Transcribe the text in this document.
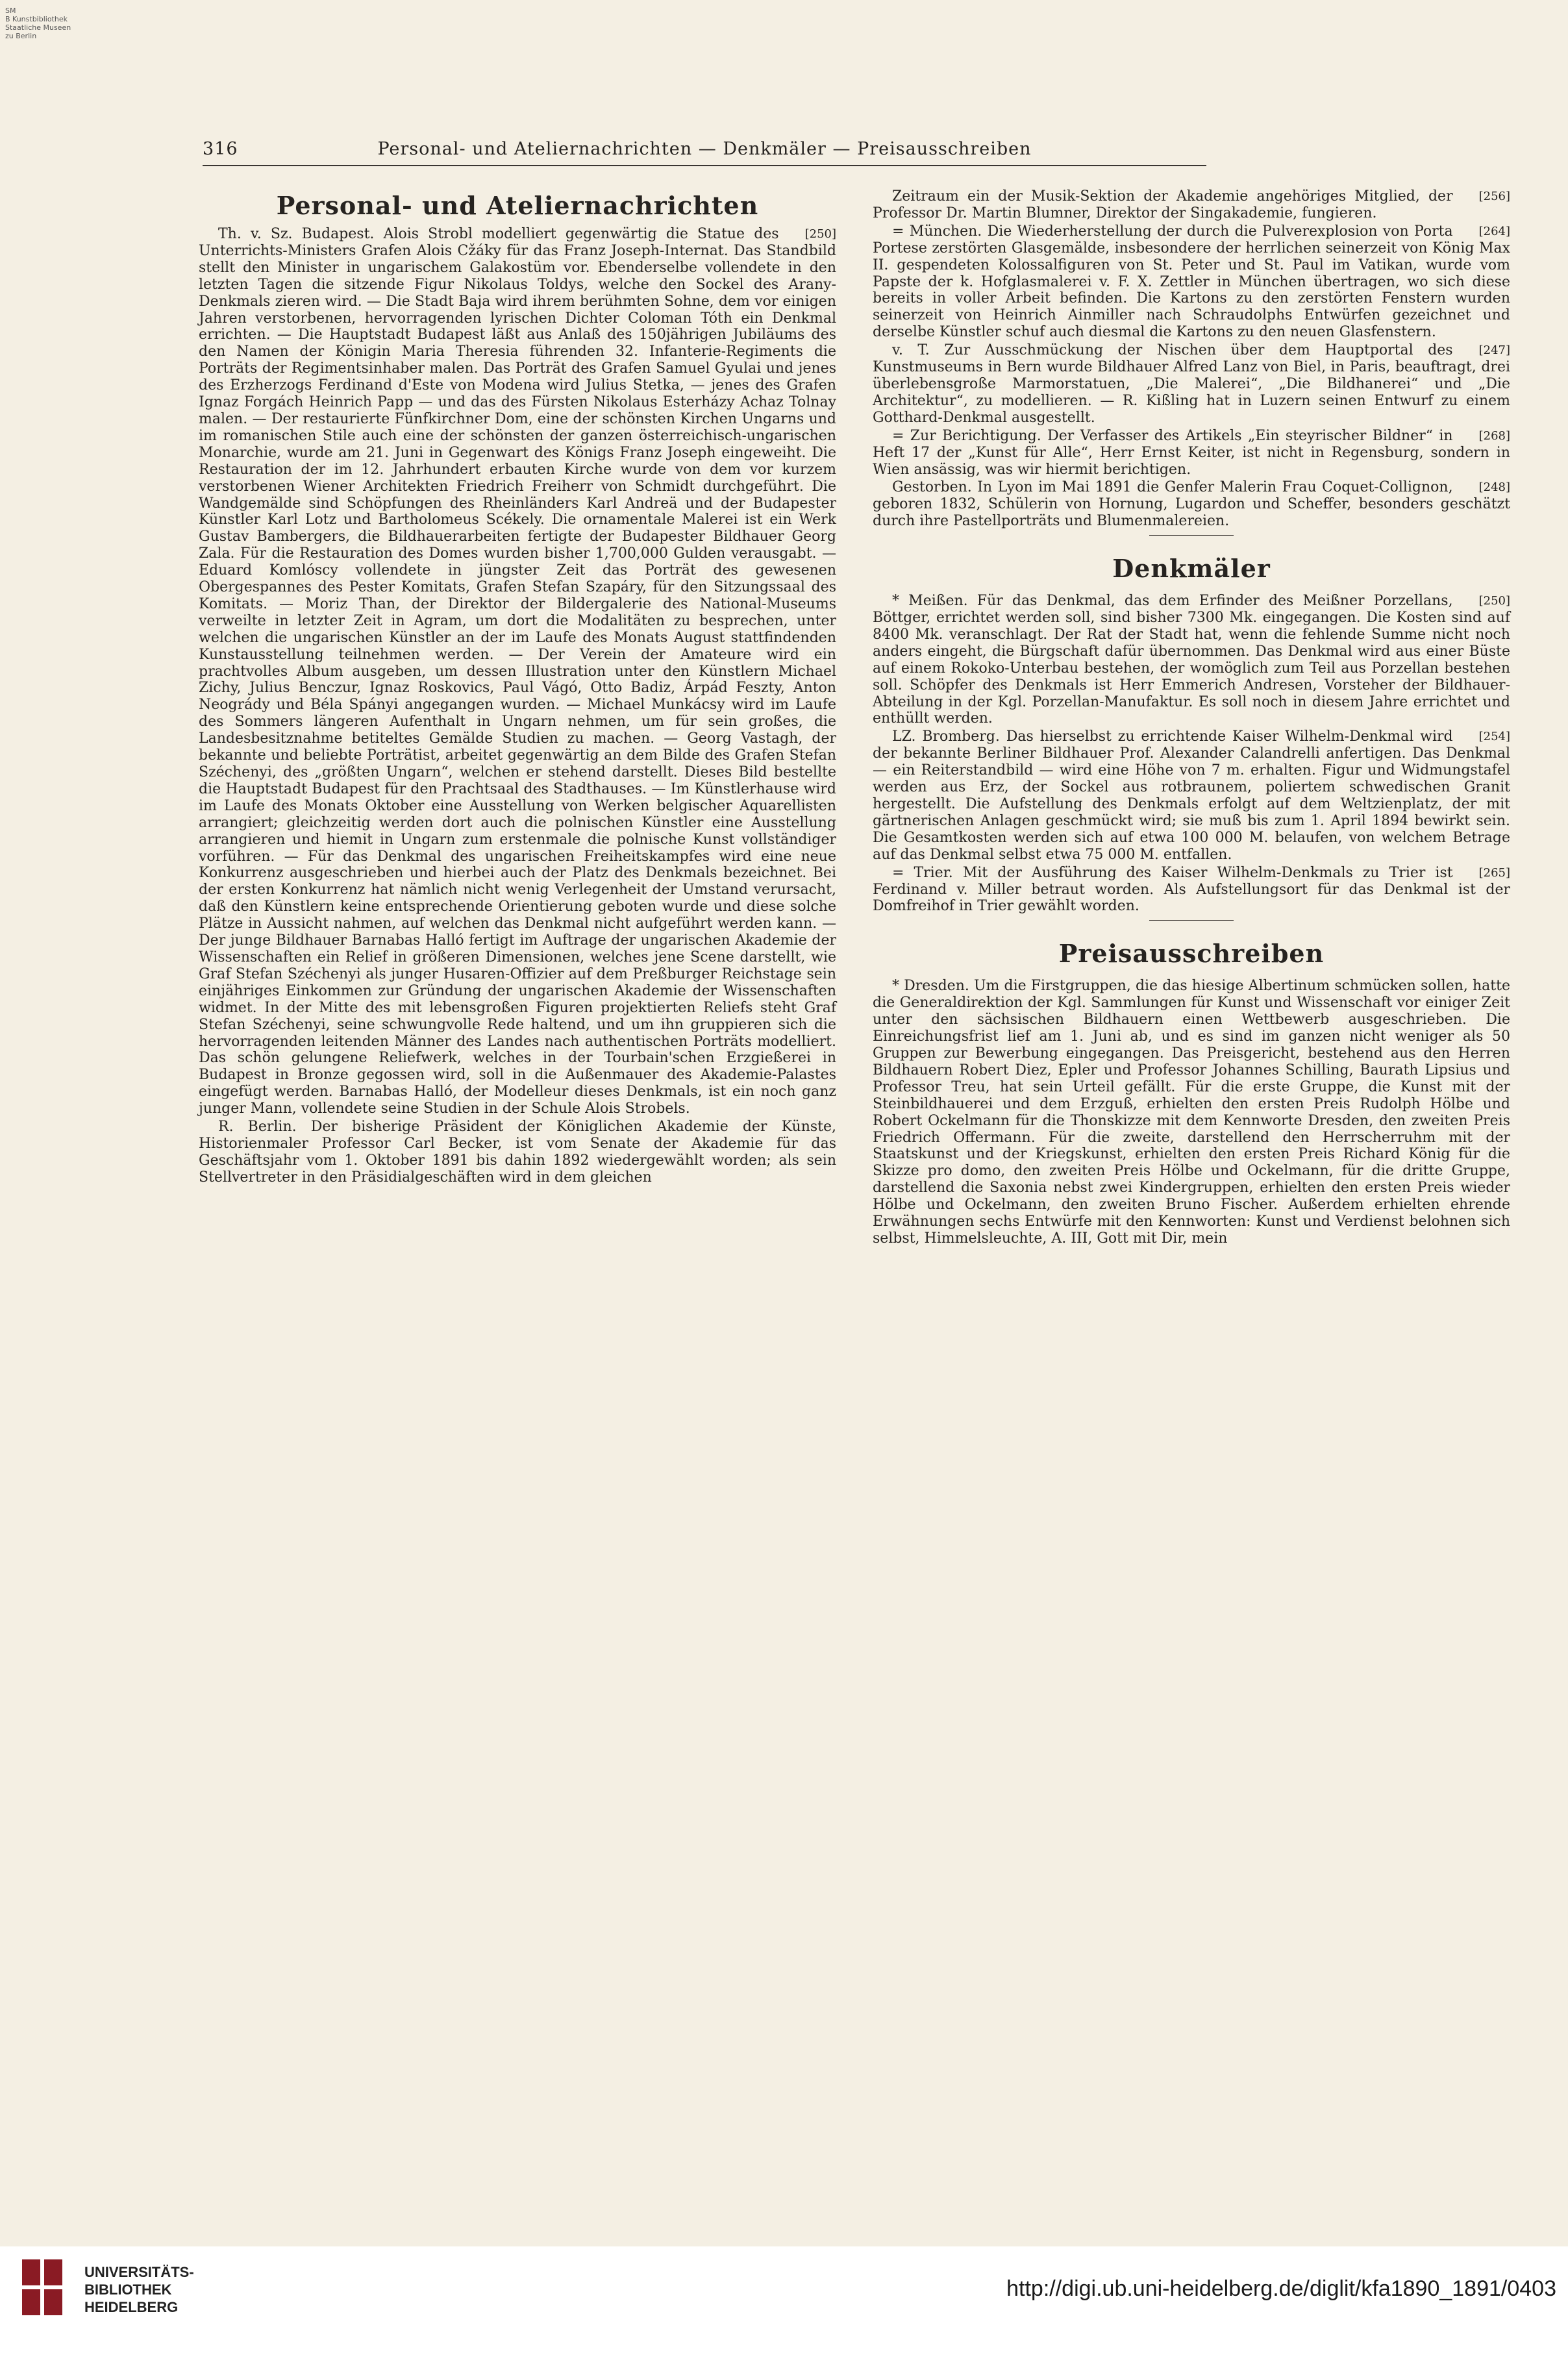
SM
B Kunstbibliothek
Staatliche Museen
zu Berlin
316	Personal- und Ateliernachrichten — Denkmäler — Preisausschreiben
Personal- und Ateliernachrichten

[250]
Th. v. Sz. Budapest. Alois Strobl modelliert gegenwärtig die Statue des Unterrichts-Ministers Grafen Alois Cžáky für das Franz Joseph-Internat. Das Standbild stellt den Minister in ungarischem Galakostüm vor. Ebenderselbe vollendete in den letzten Tagen die sitzende Figur Nikolaus Toldys, welche den Sockel des Arany-Denkmals zieren wird. — Die Stadt Baja wird ihrem berühmten Sohne, dem vor einigen Jahren verstorbenen, hervorragenden lyrischen Dichter Coloman Tóth ein Denkmal errichten. — Die Hauptstadt Budapest läßt aus Anlaß des 150jährigen Jubiläums des den Namen der Königin Maria Theresia führenden 32. Infanterie-Regiments die Porträts der Regimentsinhaber malen. Das Porträt des Grafen Samuel Gyulai und jenes des Erzherzogs Ferdinand d'Este von Modena wird Julius Stetka, — jenes des Grafen Ignaz Forgách Heinrich Papp — und das des Fürsten Nikolaus Esterházy Achaz Tolnay malen. — Der restaurierte Fünfkirchner Dom, eine der schönsten Kirchen Ungarns und im romanischen Stile auch eine der schönsten der ganzen österreichisch-ungarischen Monarchie, wurde am 21. Juni in Gegenwart des Königs Franz Joseph eingeweiht. Die Restauration der im 12. Jahrhundert erbauten Kirche wurde von dem vor kurzem verstorbenen Wiener Architekten Friedrich Freiherr von Schmidt durchgeführt. Die Wandgemälde sind Schöpfungen des Rheinländers Karl Andreä und der Budapester Künstler Karl Lotz und Bartholomeus Scékely. Die ornamentale Malerei ist ein Werk Gustav Bambergers, die Bildhauerarbeiten fertigte der Budapester Bildhauer Georg Zala. Für die Restauration des Domes wurden bisher 1,700,000 Gulden verausgabt. — Eduard Komlóscy vollendete in jüngster Zeit das Porträt des gewesenen Obergespannes des Pester Komitats, Grafen Stefan Szapáry, für den Sitzungssaal des Komitats. — Moriz Than, der Direktor der Bildergalerie des National-Museums verweilte in letzter Zeit in Agram, um dort die Modalitäten zu besprechen, unter welchen die ungarischen Künstler an der im Laufe des Monats August stattfindenden Kunstausstellung teilnehmen werden. — Der Verein der Amateure wird ein prachtvolles Album ausgeben, um dessen Illustration unter den Künstlern Michael Zichy, Julius Benczur, Ignaz Roskovics, Paul Vágó, Otto Badiz, Árpád Feszty, Anton Neogrády und Béla Spányi angegangen wurden. — Michael Munkácsy wird im Laufe des Sommers längeren Aufenthalt in Ungarn nehmen, um für sein großes, die Landesbesitznahme betiteltes Gemälde Studien zu machen. — Georg Vastagh, der bekannte und beliebte Porträtist, arbeitet gegenwärtig an dem Bilde des Grafen Stefan Széchenyi, des „größten Ungarn“, welchen er stehend darstellt. Dieses Bild bestellte die Hauptstadt Budapest für den Prachtsaal des Stadthauses. — Im Künstlerhause wird im Laufe des Monats Oktober eine Ausstellung von Werken belgischer Aquarellisten arrangiert; gleichzeitig werden dort auch die polnischen Künstler eine Ausstellung arrangieren und hiemit in Ungarn zum erstenmale die polnische Kunst vollständiger vorführen. — Für das Denkmal des ungarischen Freiheitskampfes wird eine neue Konkurrenz ausgeschrieben und hierbei auch der Platz des Denkmals bezeichnet. Bei der ersten Konkurrenz hat nämlich nicht wenig Verlegenheit der Umstand verursacht, daß den Künstlern keine entsprechende Orientierung geboten wurde und diese solche Plätze in Aussicht nahmen, auf welchen das Denkmal nicht aufgeführt werden kann. — Der junge Bildhauer Barnabas Halló fertigt im Auftrage der ungarischen Akademie der Wissenschaften ein Relief in größeren Dimensionen, welches jene Scene darstellt, wie Graf Stefan Széchenyi als junger Husaren-Offizier auf dem Preßburger Reichstage sein einjähriges Einkommen zur Gründung der ungarischen Akademie der Wissenschaften widmet. In der Mitte des mit lebensgroßen Figuren projektierten Reliefs steht Graf Stefan Széchenyi, seine schwungvolle Rede haltend, und um ihn gruppieren sich die hervorragenden leitenden Männer des Landes nach authentischen Porträts modelliert. Das schön gelungene Reliefwerk, welches in der Tourbain'schen Erzgießerei in Budapest in Bronze gegossen wird, soll in die Außenmauer des Akademie-Palastes eingefügt werden. Barnabas Halló, der Modelleur dieses Denkmals, ist ein noch ganz junger Mann, vollendete seine Studien in der Schule Alois Strobels.

R. Berlin. Der bisherige Präsident der Königlichen Akademie der Künste, Historienmaler Professor Carl Becker, ist vom Senate der Akademie für das Geschäftsjahr vom 1. Oktober 1891 bis dahin 1892 wiedergewählt worden; als sein Stellvertreter in den Präsidialgeschäften wird in dem gleichen

[256]
Zeitraum ein der Musik-Sektion der Akademie angehöriges Mitglied, der Professor Dr. Martin Blumner, Direktor der Singakademie, fungieren.

[264]
= München. Die Wiederherstellung der durch die Pulverexplosion von Porta Portese zerstörten Glasgemälde, insbesondere der herrlichen seinerzeit von König Max II. gespendeten Kolossalfiguren von St. Peter und St. Paul im Vatikan, wurde vom Papste der k. Hofglasmalerei v. F. X. Zettler in München übertragen, wo sich diese bereits in voller Arbeit befinden. Die Kartons zu den zerstörten Fenstern wurden seinerzeit von Heinrich Ainmiller nach Schraudolphs Entwürfen gezeichnet und derselbe Künstler schuf auch diesmal die Kartons zu den neuen Glasfenstern.

[247]
v. T. Zur Ausschmückung der Nischen über dem Hauptportal des Kunstmuseums in Bern wurde Bildhauer Alfred Lanz von Biel, in Paris, beauftragt, drei überlebensgroße Marmorstatuen, „Die Malerei“, „Die Bildhanerei“ und „Die Architektur“, zu modellieren. — R. Kißling hat in Luzern seinen Entwurf zu einem Gotthard-Denkmal ausgestellt.

[268]
= Zur Berichtigung. Der Verfasser des Artikels „Ein steyrischer Bildner“ in Heft 17 der „Kunst für Alle“, Herr Ernst Keiter, ist nicht in Regensburg, sondern in Wien ansässig, was wir hiermit berichtigen.

[248]
Gestorben. In Lyon im Mai 1891 die Genfer Malerin Frau Coquet-Collignon, geboren 1832, Schülerin von Hornung, Lugardon und Scheffer, besonders geschätzt durch ihre Pastellporträts und Blumenmalereien.

Denkmäler

[250]
* Meißen. Für das Denkmal, das dem Erfinder des Meißner Porzellans, Böttger, errichtet werden soll, sind bisher 7300 Mk. eingegangen. Die Kosten sind auf 8400 Mk. veranschlagt. Der Rat der Stadt hat, wenn die fehlende Summe nicht noch anders eingeht, die Bürgschaft dafür übernommen. Das Denkmal wird aus einer Büste auf einem Rokoko-Unterbau bestehen, der womöglich zum Teil aus Porzellan bestehen soll. Schöpfer des Denkmals ist Herr Emmerich Andresen, Vorsteher der Bildhauer-Abteilung in der Kgl. Porzellan-Manufaktur. Es soll noch in diesem Jahre errichtet und enthüllt werden.

[254]
LZ. Bromberg. Das hierselbst zu errichtende Kaiser Wilhelm-Denkmal wird der bekannte Berliner Bildhauer Prof. Alexander Calandrelli anfertigen. Das Denkmal — ein Reiterstandbild — wird eine Höhe von 7 m. erhalten. Figur und Widmungstafel werden aus Erz, der Sockel aus rotbraunem, poliertem schwedischen Granit hergestellt. Die Aufstellung des Denkmals erfolgt auf dem Weltzienplatz, der mit gärtnerischen Anlagen geschmückt wird; sie muß bis zum 1. April 1894 bewirkt sein. Die Gesamtkosten werden sich auf etwa 100 000 M. belaufen, von welchem Betrage auf das Denkmal selbst etwa 75 000 M. entfallen.

[265]
= Trier. Mit der Ausführung des Kaiser Wilhelm-Denkmals zu Trier ist Ferdinand v. Miller betraut worden. Als Aufstellungsort für das Denkmal ist der Domfreihof in Trier gewählt worden.

Preisausschreiben

* Dresden. Um die Firstgruppen, die das hiesige Albertinum schmücken sollen, hatte die Generaldirektion der Kgl. Sammlungen für Kunst und Wissenschaft vor einiger Zeit unter den sächsischen Bildhauern einen Wettbewerb ausgeschrieben. Die Einreichungsfrist lief am 1. Juni ab, und es sind im ganzen nicht weniger als 50 Gruppen zur Bewerbung eingegangen. Das Preisgericht, bestehend aus den Herren Bildhauern Robert Diez, Epler und Professor Johannes Schilling, Baurath Lipsius und Professor Treu, hat sein Urteil gefällt. Für die erste Gruppe, die Kunst mit der Steinbildhauerei und dem Erzguß, erhielten den ersten Preis Rudolph Hölbe und Robert Ockelmann für die Thonskizze mit dem Kennworte Dresden, den zweiten Preis Friedrich Offermann. Für die zweite, darstellend den Herrscherruhm mit der Staatskunst und der Kriegskunst, erhielten den ersten Preis Richard König für die Skizze pro domo, den zweiten Preis Hölbe und Ockelmann, für die dritte Gruppe, darstellend die Saxonia nebst zwei Kindergruppen, erhielten den ersten Preis wieder Hölbe und Ockelmann, den zweiten Bruno Fischer. Außerdem erhielten ehrende Erwähnungen sechs Entwürfe mit den Kennworten: Kunst und Verdienst belohnen sich selbst, Himmelsleuchte, A. III, Gott mit Dir, mein

UNIVERSITÄTS-
BIBLIOTHEK
HEIDELBERG
http://digi.ub.uni-heidelberg.de/diglit/kfa1890_1891/0403
